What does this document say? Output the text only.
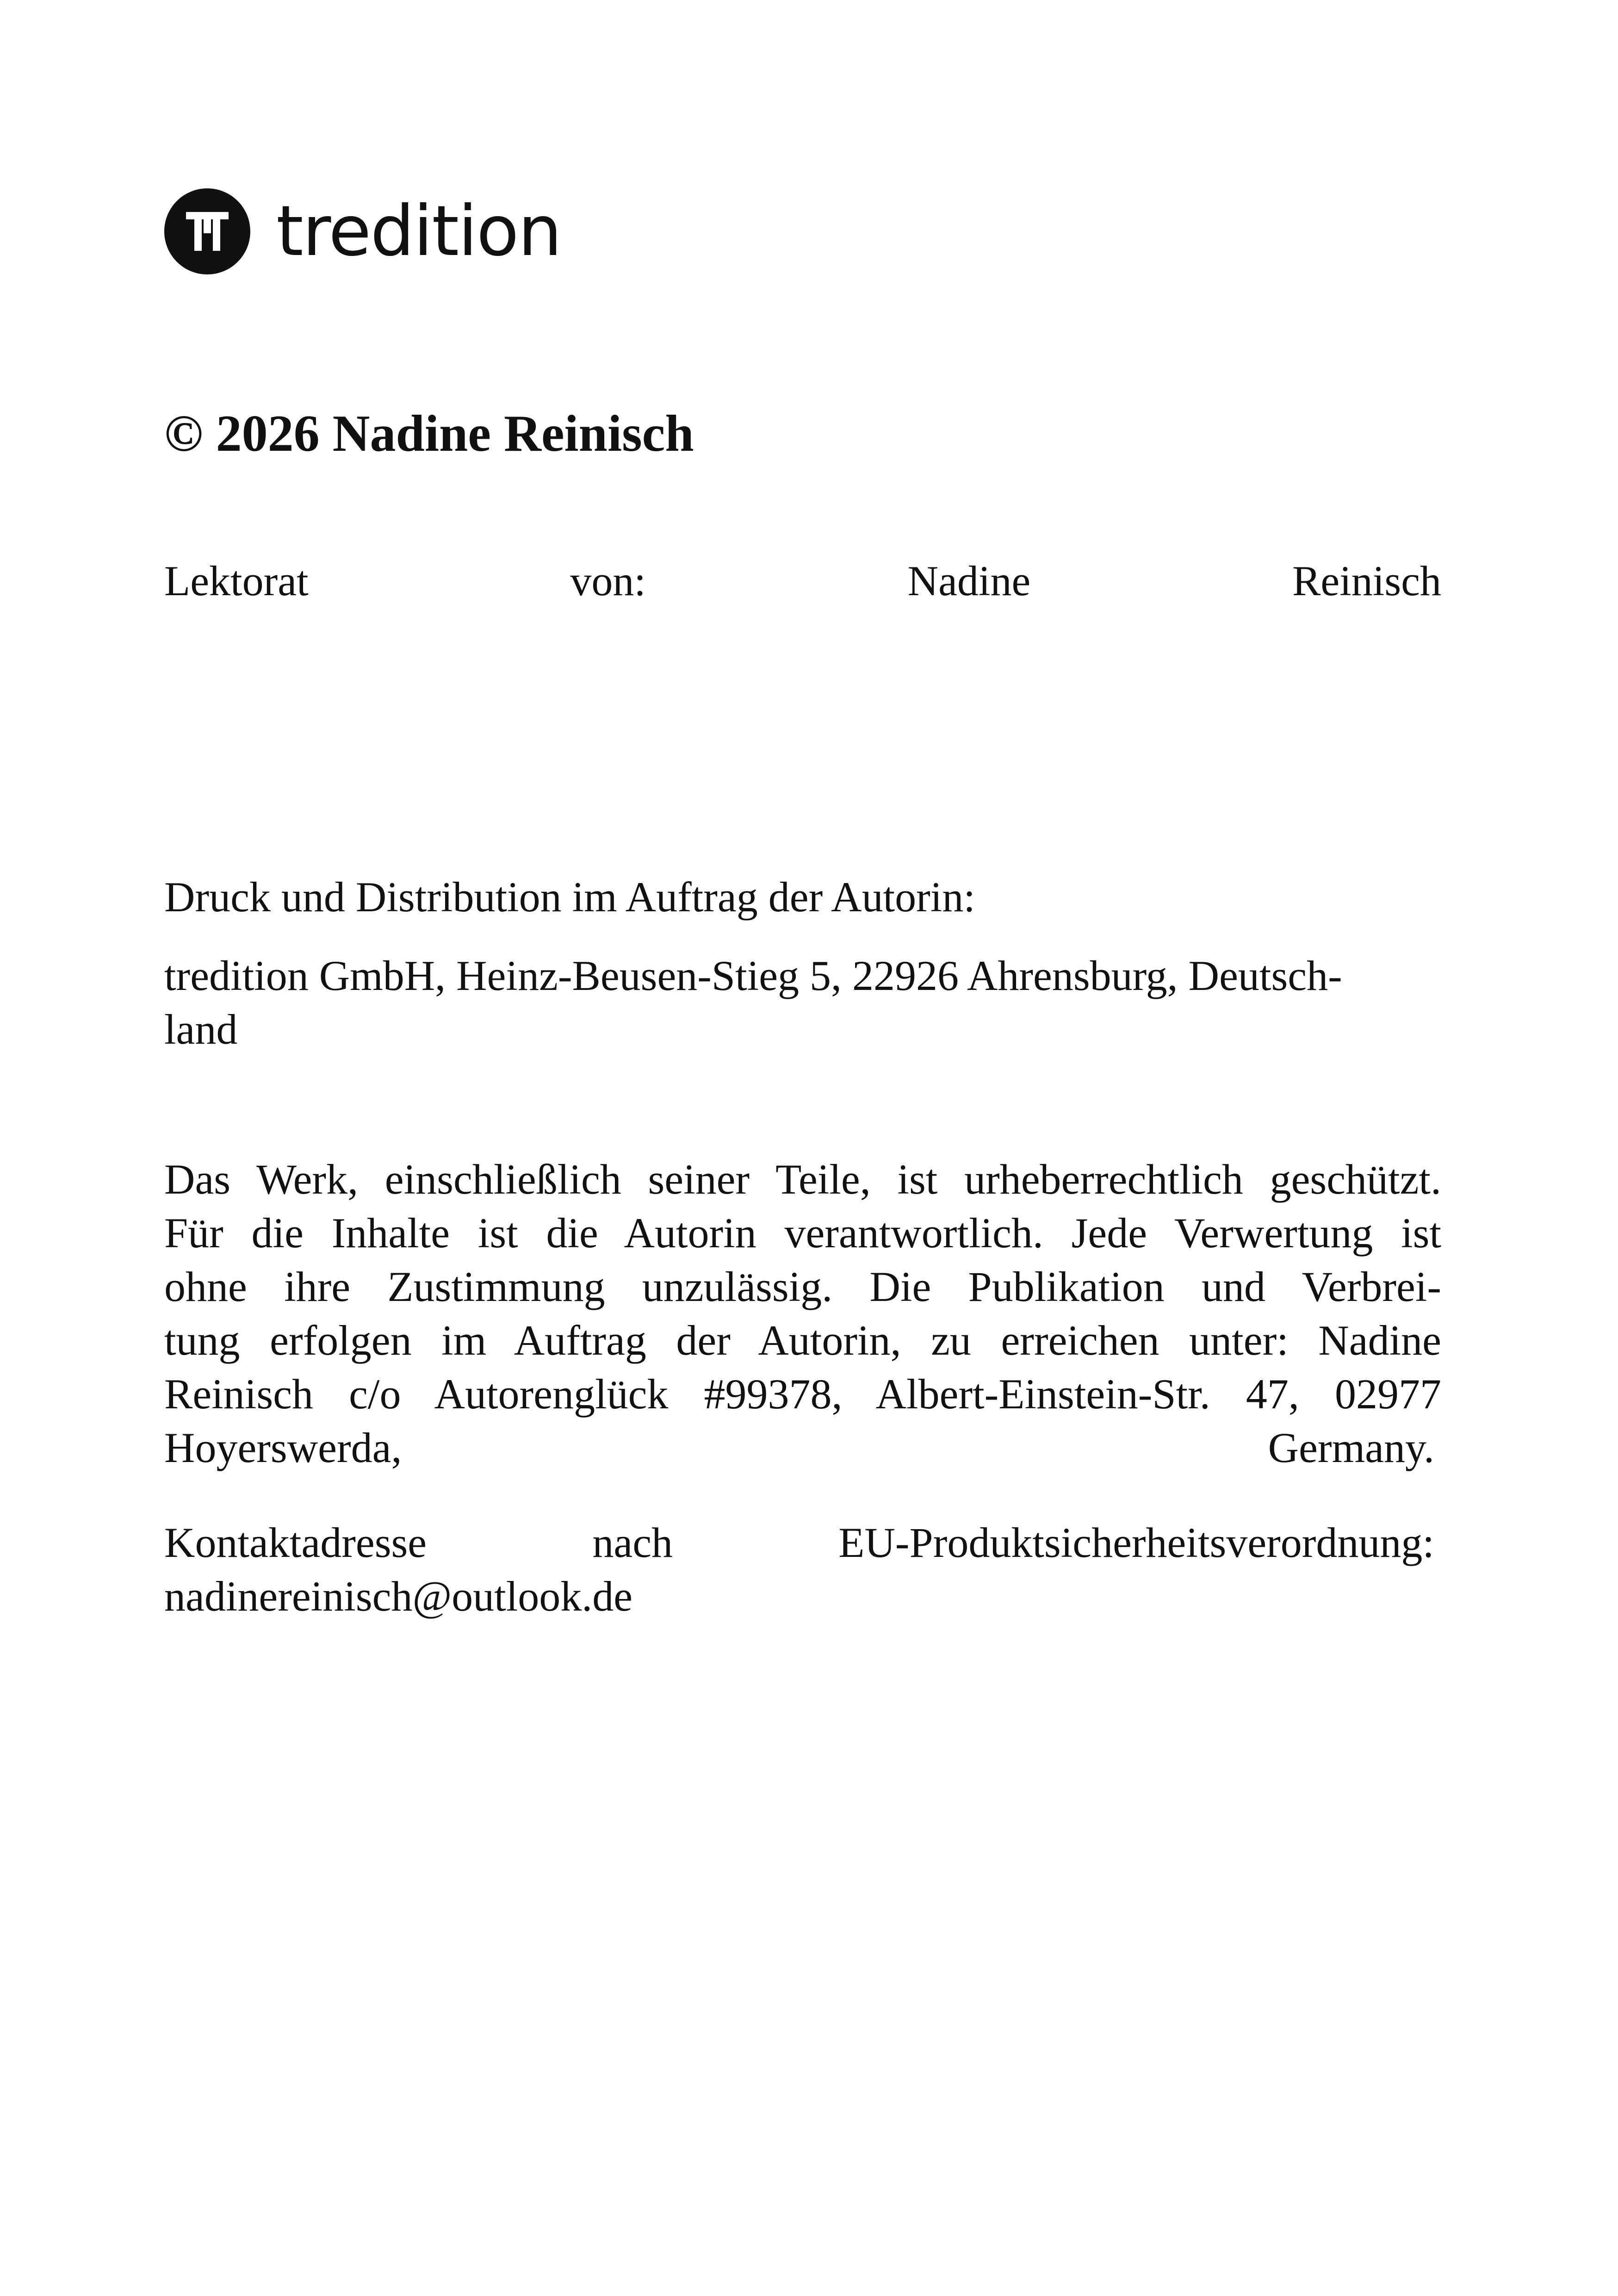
tredition
© 2026 Nadine Reinisch
Lektorat	von:	Nadine	Reinisch

Druck und Distribution im Auftrag der Autorin:

tredition GmbH, Heinz-Beusen-Stieg 5, 22926 Ahrensburg, Deutsch-
land
Das Werk, einschließlich seiner Teile, ist urheberrechtlich geschützt.
Für die Inhalte ist die Autorin verantwortlich. Jede Verwertung ist
ohne ihre Zustimmung unzulässig. Die Publikation und Verbrei-
tung erfolgen im Auftrag der Autorin, zu erreichen unter: Nadine
Reinisch c/o Autorenglück #99378, Albert-Einstein-Str. 47, 02977
Hoyerswerda,	Germany.
Kontaktadresse	nach	EU-Produktsicherheitsverordnung:
nadinereinisch@outlook.de
